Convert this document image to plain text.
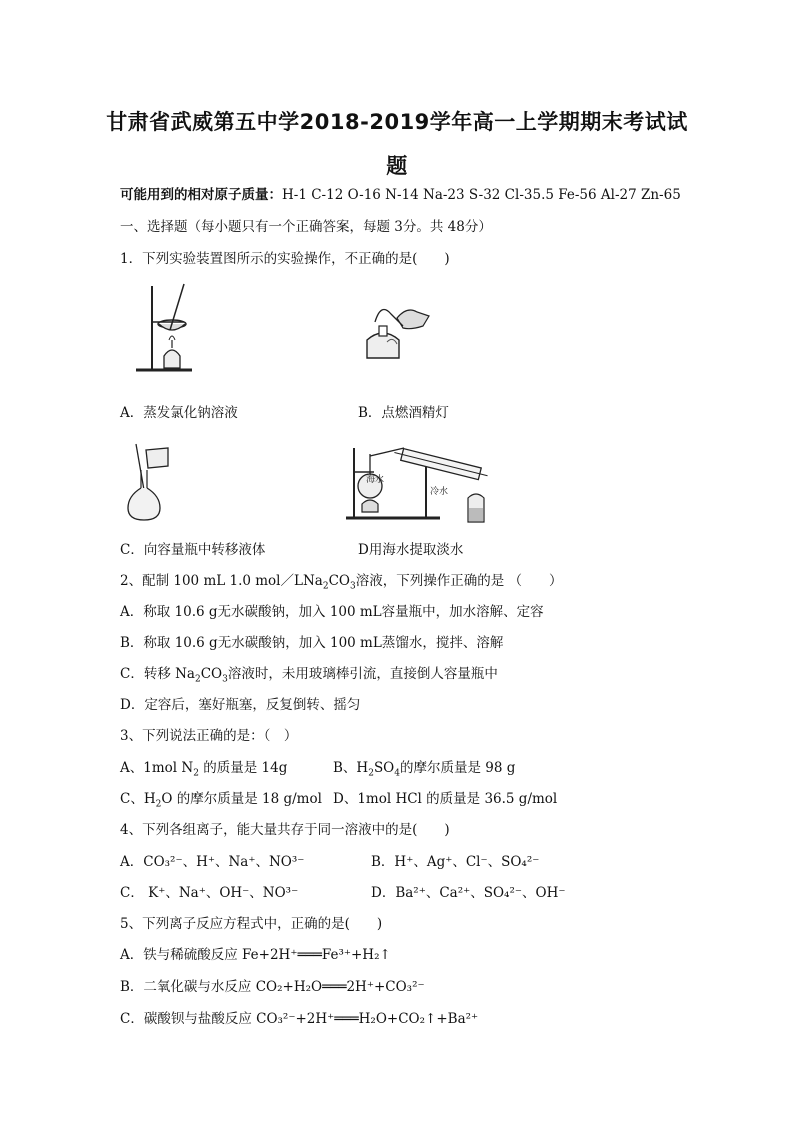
甘肃省武威第五中学2018-2019学年高一上学期期末考试试
题
可能用到的相对原子质量：H-1 C-12 O-16 N-14 Na-23 S-32 Cl-35.5 Fe-56 Al-27 Zn-65
一、选择题（每小题只有一个正确答案，每题 3分。共 48分）
1．下列实验装置图所示的实验操作，不正确的是(　　)
A．蒸发氯化钠溶液	B．点燃酒精灯
海水
冷水
C．向容量瓶中转移液体	D用海水提取淡水
2、配制 100 mL 1.0 $mol/LNa_2CO_3$溶液，下列操作正确的是 （　　）
A．称取 10.6 g无水碳酸钠，加入 100 mL容量瓶中，加水溶解、定容
B．称取 10.6 g无水碳酸钠，加入 100 mL蒸馏水，搅拌、溶解
C．转移 $Na_2CO_3$溶液时，未用玻璃棒引流，直接倒人容量瓶中
D．定容后，塞好瓶塞，反复倒转、摇匀
3、下列说法正确的是：（　）
A、1mol $N_2$ 的质量是 14g	B、$H_2SO_4$的摩尔质量是 98 g
C、$H_2O$ 的摩尔质量是 18 g/mol D、1mol HCl 的质量是 36.5 g/mol
4、下列各组离子，能大量共存于同一溶液中的是(　　)
A．CO₃²⁻、H⁺、Na⁺、NO³⁻	B．H⁺、Ag⁺、Cl⁻、SO₄²⁻
C． K⁺、Na⁺、OH⁻、NO³⁻	D．Ba²⁺、Ca²⁺、SO₄²⁻、OH⁻
5、下列离子反应方程式中，正确的是(　　)
A．铁与稀硫酸反应 Fe+2H⁺═══Fe³⁺+H₂↑
B．二氧化碳与水反应 CO₂+H₂O═══2H⁺+CO₃²⁻
C．碳酸钡与盐酸反应 CO₃²⁻+2H⁺═══H₂O+CO₂↑+Ba²⁺
